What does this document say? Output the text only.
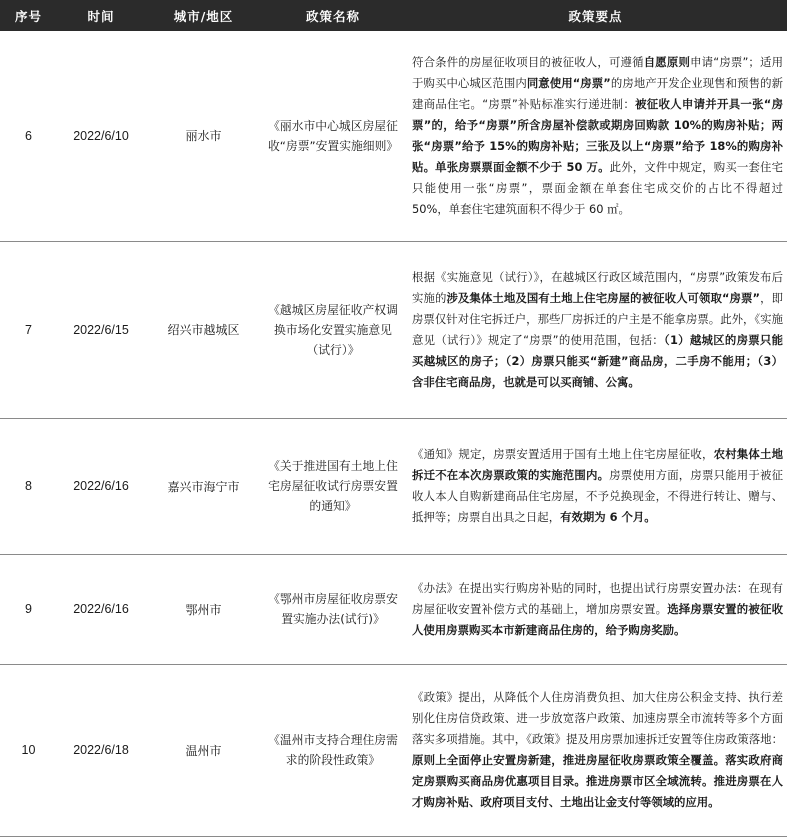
序号	时间	城市/地区	政策名称	政策要点
6	2022/6/10	丽水市	《丽水市中心城区房屋征收“房票”安置实施细则》	符合条件的房屋征收项目的被征收人，可遵循自愿原则申请“房票”；适用于购买中心城区范围内同意使用“房票”的房地产开发企业现售和预售的新建商品住宅。“房票”补贴标准实行递进制：被征收人申请并开具一张“房票”的，给予“房票”所含房屋补偿款或期房回购款 10%的购房补贴；两张“房票”给予 15%的购房补贴；三张及以上“房票”给予 18%的购房补贴。单张房票票面金额不少于 50 万。此外，文件中规定，购买一套住宅只能使用一张“房票”，票面金额在单套住宅成交价的占比不得超过 50%，单套住宅建筑面积不得少于 60 ㎡。
7	2022/6/15	绍兴市越城区	《越城区房屋征收产权调换市场化安置实施意见（试行）》	根据《实施意见（试行）》，在越城区行政区域范围内，“房票”政策发布后实施的涉及集体土地及国有土地上住宅房屋的被征收人可领取“房票”，即房票仅针对住宅拆迁户，那些厂房拆迁的户主是不能拿房票。此外，《实施意见（试行）》规定了“房票”的使用范围，包括：（1）越城区的房票只能买越城区的房子；（2）房票只能买“新建”商品房，二手房不能用；（3）含非住宅商品房，也就是可以买商铺、公寓。
8	2022/6/16	嘉兴市海宁市	《关于推进国有土地上住宅房屋征收试行房票安置的通知》	《通知》规定，房票安置适用于国有土地上住宅房屋征收，农村集体土地拆迁不在本次房票政策的实施范围内。房票使用方面，房票只能用于被征收人本人自购新建商品住宅房屋，不予兑换现金，不得进行转让、赠与、抵押等；房票自出具之日起，有效期为 6 个月。
9	2022/6/16	鄂州市	《鄂州市房屋征收房票安置实施办法(试行)》	《办法》在提出实行购房补贴的同时，也提出试行房票安置办法：在现有房屋征收安置补偿方式的基础上，增加房票安置。选择房票安置的被征收人使用房票购买本市新建商品住房的，给予购房奖励。
10	2022/6/18	温州市	《温州市支持合理住房需求的阶段性政策》	《政策》提出，从降低个人住房消费负担、加大住房公积金支持、执行差别化住房信贷政策、进一步放宽落户政策、加速房票全市流转等多个方面落实多项措施。其中，《政策》提及用房票加速拆迁安置等住房政策落地：原则上全面停止安置房新建，推进房屋征收房票政策全覆盖。落实政府商定房票购买商品房优惠项目目录。推进房票市区全域流转。推进房票在人才购房补贴、政府项目支付、土地出让金支付等领域的应用。
